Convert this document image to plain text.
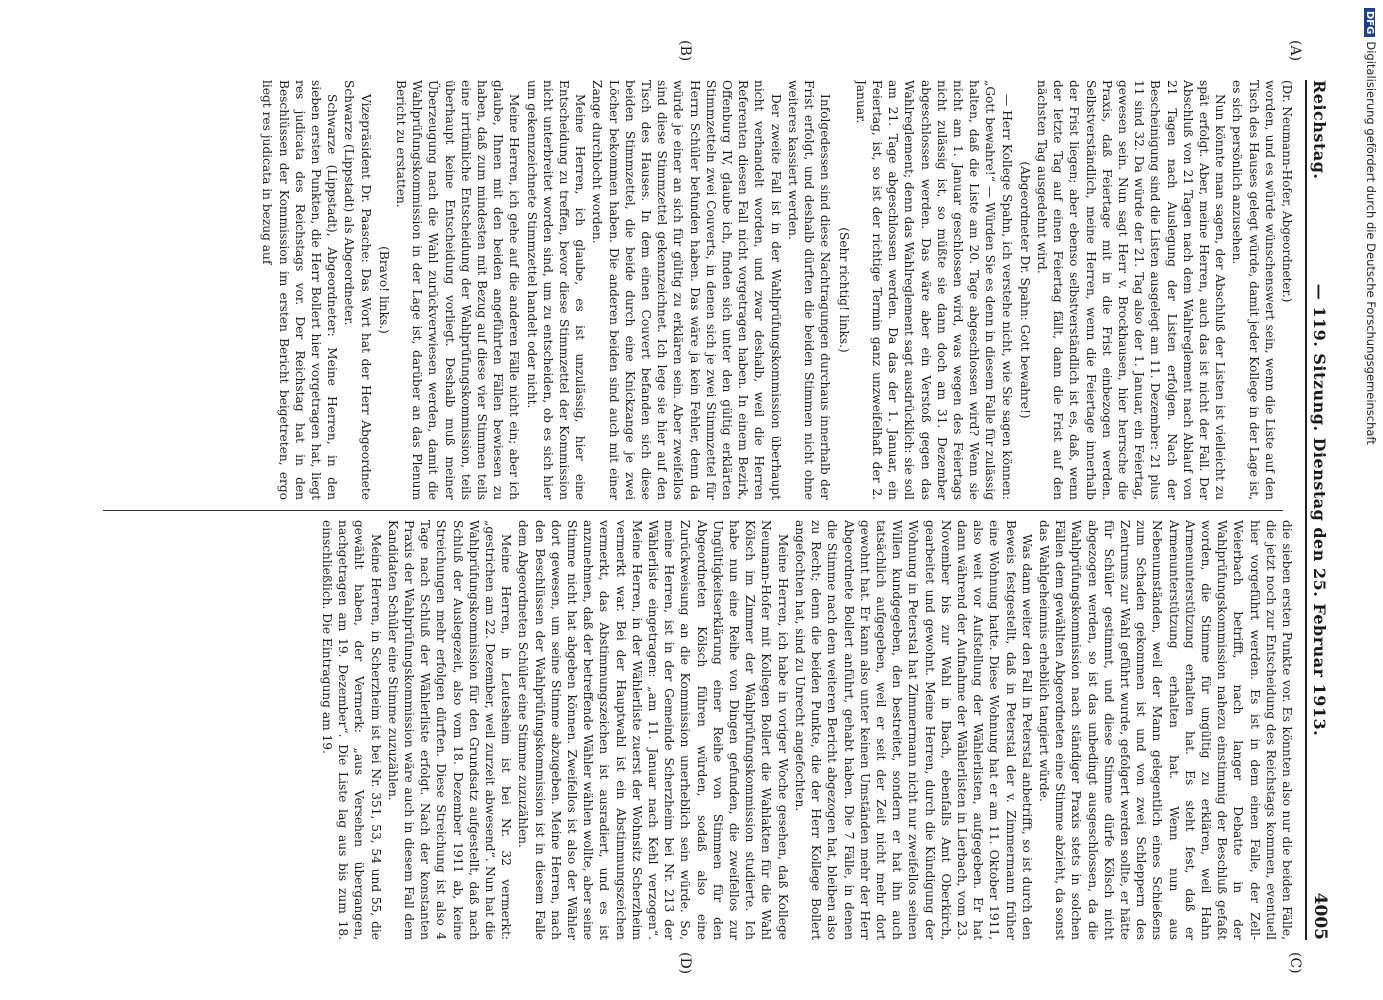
Reichstag.
— 119. Sitzung. Dienstag den 25. Februar 1913.
4005
(A)
(B)
(C)
(D)

(Dr. Neumann-Hofer, Abgeordneter.)

worden, und es würde wünschenswert sein, wenn die Liste auf den Tisch des Hauses gelegt würde, damit jeder Kollege in der Lage ist, es sich persönlich anzusehen.

Nun könnte man sagen, der Abschluß der Listen ist vielleicht zu spät erfolgt. Aber, meine Herren, auch das ist nicht der Fall. Der Abschluß von 21 Tagen nach dem Wahlreglement nach Ablauf von 21 Tagen nach Auslegung der Listen erfolgen. Nach der Bescheinigung sind die Listen ausgelegt am 11. Dezember: 21 plus 11 sind 32. Da würde der 21. Tag also der 1. Januar, ein Feiertag, gewesen sein. Nun sagt Herr v. Brockhausen, hier herrsche die Praxis, daß Feiertage mit in die Frist einbezogen werden. Selbstverständlich, meine Herren, wenn die Feiertage innerhalb der Frist liegen; aber ebenso selbstverständlich ist es, daß, wenn der letzte Tag auf einen Feiertag fällt, dann die Frist auf den nächsten Tag ausgedehnt wird.

(Abgeordneter Dr. Spahn: Gott bewahre!)

— Herr Kollege Spahn, ich verstehe nicht, wie Sie sagen können: „Gott bewahre!“ — Würden Sie es denn in diesem Falle für zulässig halten, daß die Liste am 20. Tage abgeschlossen wird? Wenn sie nicht am 1. Januar geschlossen wird, was wegen des Feiertags nicht zulässig ist, so müßte sie dann doch am 31. Dezember abgeschlossen werden. Das wäre aber ein Verstoß gegen das Wahlreglement; denn das Wahlreglement sagt ausdrücklich: sie soll am 21. Tage abgeschlossen werden. Da das der 1. Januar, ein Feiertag, ist, so ist der richtige Termin ganz unzweifelhaft der 2. Januar.

(Sehr richtig! links.)

Infolgedessen sind diese Nachtragungen durchaus innerhalb der Frist erfolgt, und deshalb dürften die beiden Stimmen nicht ohne weiteres kassiert werden.

Der zweite Fall ist in der Wahlprüfungskommission überhaupt nicht verhandelt worden, und zwar deshalb, weil die Herren Referenten diesen Fall nicht vorgetragen haben. In einem Bezirk, Offenburg IV, glaube ich, finden sich unter den gültig erklärten Stimmzetteln zwei Couverts, in denen sich je zwei Stimmzettel für Herrn Schüler befunden haben. Das wäre ja kein Fehler, denn da würde je einer an sich für gültig zu erklären sein. Aber zweifellos sind diese Stimmzettel gekennzeichnet. Ich lege sie hier auf den Tisch des Hauses. In dem einen Couvert befanden sich diese beiden Stimmzettel, die beide durch eine Knickzange je zwei Löcher bekommen haben. Die anderen beiden sind auch mit einer Zange durchlocht worden.

Meine Herren, ich glaube, es ist unzulässig, hier eine Entscheidung zu treffen, bevor diese Stimmzettel der Kommission nicht unterbreitet worden sind, um zu entscheiden, ob es sich hier um gekennzeichnete Stimmzettel handelt oder nicht.

Meine Herren, ich gehe auf die anderen Fälle nicht ein; aber ich glaube, Ihnen mit den beiden angeführten Fällen bewiesen zu haben, daß zum mindesten mit Bezug auf diese vier Stimmen teils eine irrtümliche Entscheidung der Wahlprüfungskommission, teils überhaupt keine Entscheidung vorliegt. Deshalb muß meiner Überzeugung nach die Wahl zurückverwiesen werden, damit die Wahlprüfungskommission in der Lage ist, darüber an das Plenum Bericht zu erstatten.

(Bravo! links.)

Vizepräsident Dr. Paasche: Das Wort hat der Herr Abgeordnete Schwarze (Lippstadt) als Abgeordneter.

Schwarze (Lippstadt), Abgeordneter: Meine Herren, in den sieben ersten Punkten, die Herr Bollert hier vorgetragen hat, liegt res judicata des Reichstags vor. Der Reichstag hat in den Beschlüssen der Kommission im ersten Bericht beigetreten, ergo liegt res judicata in bezug auf

die sieben ersten Punkte vor. Es könnten also nur die beiden Fälle, die jetzt noch zur Entscheidung des Reichstags kommen, eventuell hier vorgeführt werden. Es ist in dem einen Falle, der Zell-Weierbach betrifft, nach langer Debatte in der Wahlprüfungskommission nahezu einstimmig der Beschluß gefaßt worden, die Stimme für ungültig zu erklären, weil Hahn Armenunterstützung erhalten hat. Es steht fest, daß er Armenunterstützung erhalten hat. Wenn nun aus Nebenumständen, weil der Mann gelegentlich eines Schießens zum Schaden gekommen ist und von zwei Schleppern des Zentrums zur Wahl geführt wurde, gefolgert werden sollte, er hätte für Schüler gestimmt, und diese Stimme dürfe Kölsch nicht abgezogen werden, so ist das unbedingt ausgeschlossen, da die Wahlprüfungskommission nach ständiger Praxis stets in solchen Fällen dem gewählten Abgeordneten eine Stimme abzieht, da sonst das Wahlgeheimnis erheblich tangiert würde.

Was dann weiter den Fall in Peterstal anbetrifft, so ist durch den Beweis festgestellt, daß in Peterstal der v. Zimmermann früher eine Wohnung hatte. Diese Wohnung hat er am 11. Oktober 1911, also weit vor Aufstellung der Wählerlisten, aufgegeben. Er hat dann während der Aufnahme der Wählerlisten in Lierbach, vom 23. November bis zur Wahl in Ibach, ebenfalls Amt Oberkirch, gearbeitet und gewohnt. Meine Herren, durch die Kündigung der Wohnung in Peterstal hat Zimmermann nicht nur zweifellos seinen Willen kundgegeben, den bestreitet, sondern er hat ihn auch tatsächlich aufgegeben, weil er seit der Zeit nicht mehr dort gewohnt hat. Er kann also unter keinen Umständen mehr der Herr Abgeordnete Bollert anführt, gehabt haben. Die 7 Fälle, in denen die Stimme nach dem weiteren Bericht abgezogen hat, bleiben also zu Recht; denn die beiden Punkte, die der Herr Kollege Bollert angefochten hat, sind zu Unrecht angefochten.

Meine Herren, ich habe in voriger Woche gesehen, daß Kollege Neumann-Hofer mit Kollegen Bollert die Wahlakten für die Wahl Kölsch im Zimmer der Wahlprüfungskommission studierte. Ich habe nun eine Reihe von Dingen gefunden, die zweifellos zur Ungültigkeitserklärung einer Reihe von Stimmen für den Abgeordneten Kölsch führen würden, sodaß also eine Zurückweisung an die Kommission unerheblich sein würde. So, meine Herren, ist in der Gemeinde Scherzheim bei Nr. 213 der Wählerliste eingetragen: „am 11. Januar nach Kehl verzogen“. Meine Herren, in der Wählerliste zuerst der Wohnsitz Scherzheim vermerkt war. Bei der Hauptwahl ist ein Abstimmungszeichen vermerkt, das Abstimmungszeichen ist ausradiert, und es ist anzunehmen, daß der betreffende Wähler wählen wollte, aber seine Stimme nicht hat abgeben können. Zweifellos ist also der Wähler dort gewesen, um seine Stimme abzugeben. Meine Herren, nach den Beschlüssen der Wahlprüfungskommission ist in diesem Falle dem Abgeordneten Schüler eine Stimme zuzuzählen.

Meine Herren, in Leutesheim ist bei Nr. 32 vermerkt: „gestrichen am 22. Dezember, weil zurzeit abwesend“. Nun hat die Wahlprüfungskommission für den Grundsatz aufgestellt, daß nach Schluß der Auslegezeit, also vom 18. Dezember 1911 ab, keine Streichungen mehr erfolgen dürften. Diese Streichung ist also 4 Tage nach Schluß der Wählerliste erfolgt. Nach der konstanten Praxis der Wahlprüfungskommission wäre auch in diesem Fall dem Kandidaten Schüler eine Stimme zuzuzählen.

Meine Herren, in Scherzheim ist bei Nr. 351, 53, 54 und 55, die gewählt haben, der Vermerk: „aus Versehen übergangen, nachgetragen am 19. Dezember“. Die Liste lag aus bis zum 18. einschließlich. Die Eintragung am 19.

DFGDigitalisierung gefördert durch die Deutsche Forschungsgemeinschaft
